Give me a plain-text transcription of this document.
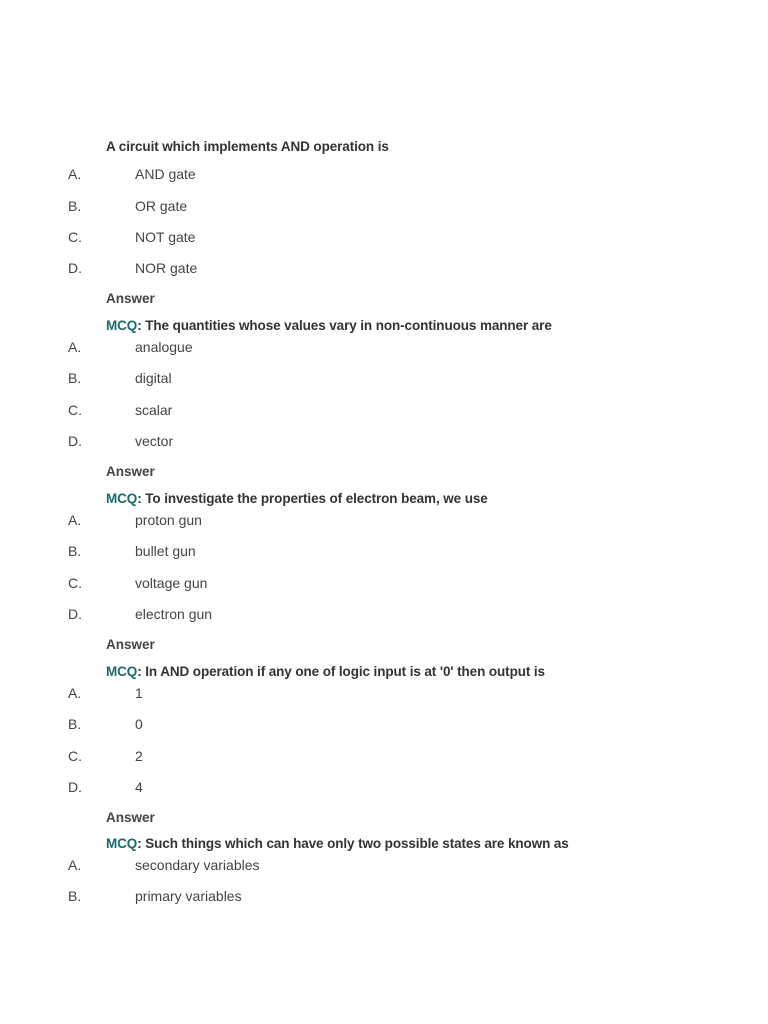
A circuit which implements AND operation is
A.	AND gate
B.	OR gate
C.	NOT gate
D.	NOR gate
Answer
MCQ: The quantities whose values vary in non-continuous manner are
A.	analogue
B.	digital
C.	scalar
D.	vector
Answer
MCQ: To investigate the properties of electron beam, we use
A.	proton gun
B.	bullet gun
C.	voltage gun
D.	electron gun
Answer
MCQ: In AND operation if any one of logic input is at '0' then output is
A.	1
B.	0
C.	2
D.	4
Answer
MCQ: Such things which can have only two possible states are known as
A.	secondary variables
B.	primary variables
